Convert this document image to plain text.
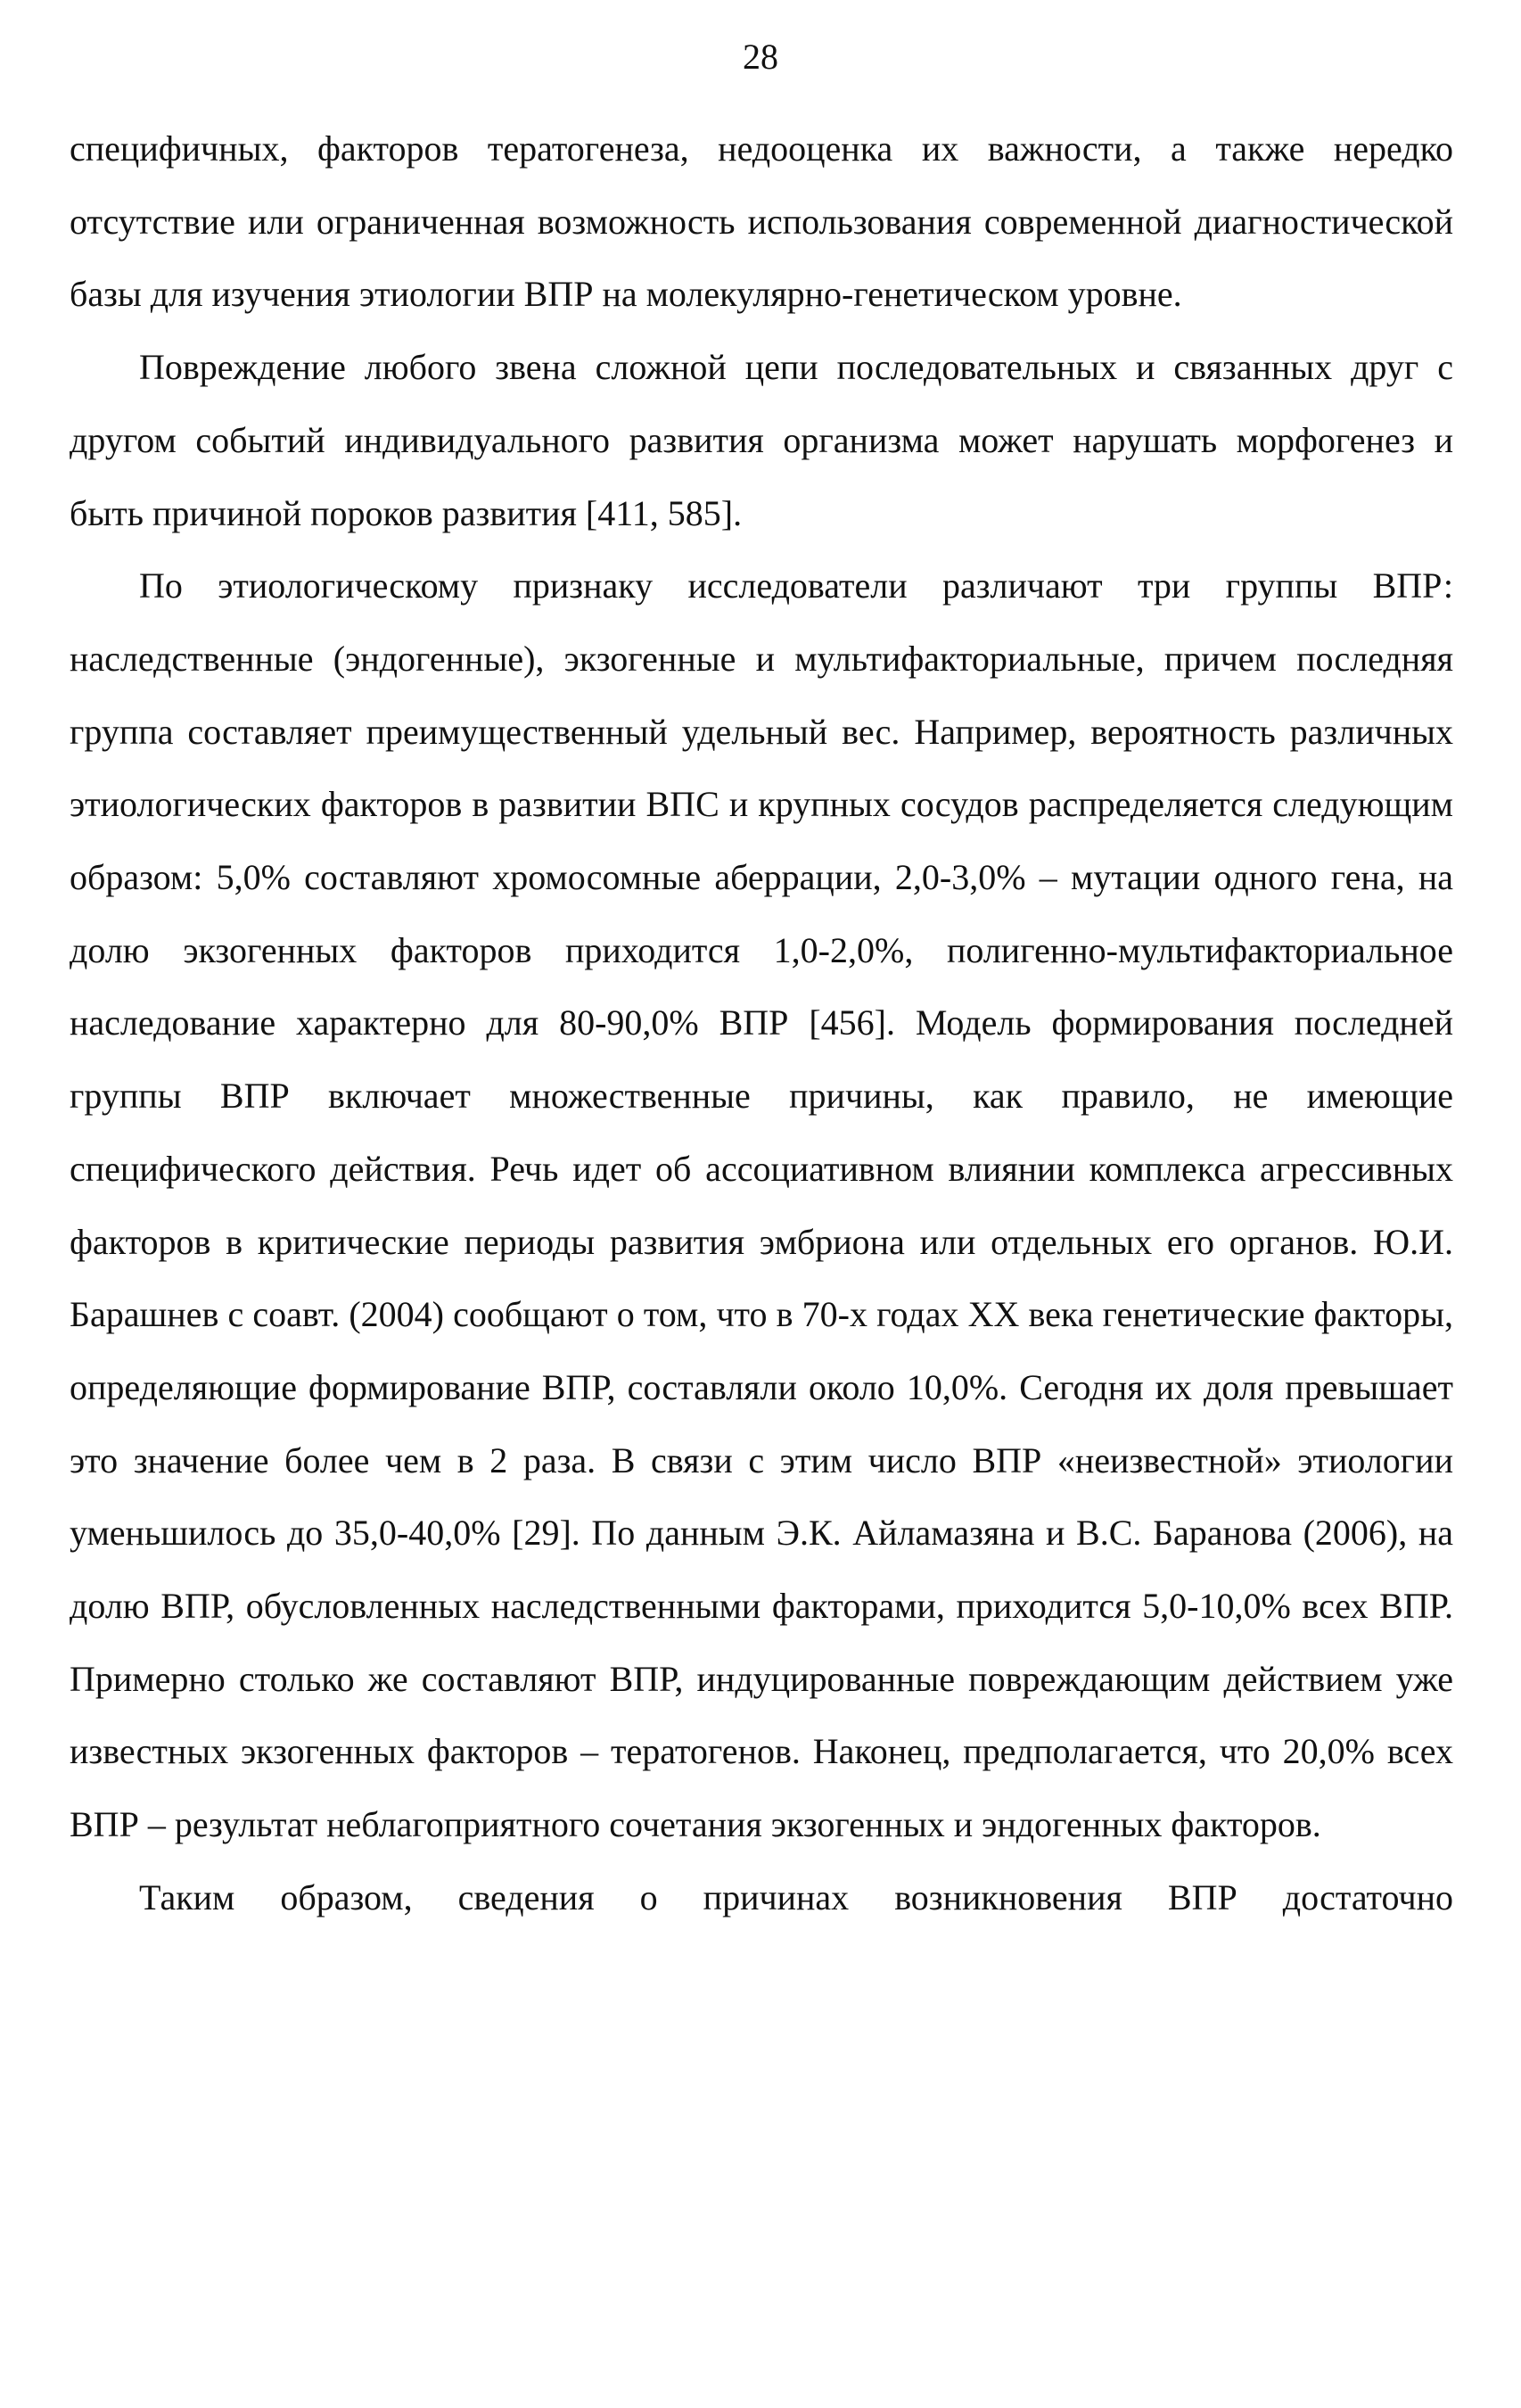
28

специфичных, факторов тератогенеза, недооценка их важности, а также нередко отсутствие или ограниченная возможность использования современной диагностической базы для изучения этиологии ВПР на молекулярно-генетическом уровне.

Повреждение любого звена сложной цепи последовательных и связанных друг с другом событий индивидуального развития организма может нарушать морфогенез и быть причиной пороков развития [411, 585].

По этиологическому признаку исследователи различают три группы ВПР: наследственные (эндогенные), экзогенные и мультифакториальные, причем последняя группа составляет преимущественный удельный вес. Например, вероятность различных этиологических факторов в развитии ВПС и крупных сосудов распределяется следующим образом: 5,0% составляют хромосомные аберрации, 2,0-3,0% – мутации одного гена, на долю экзогенных факторов приходится 1,0-2,0%, полигенно-мультифакториальное наследование характерно для 80-90,0% ВПР [456]. Модель формирования последней группы ВПР включает множественные причины, как правило, не имеющие специфического действия. Речь идет об ассоциативном влиянии комплекса агрессивных факторов в критические периоды развития эмбриона или отдельных его органов. Ю.И. Барашнев с соавт. (2004) сообщают о том, что в 70-х годах XX века генетические факторы, определяющие формирование ВПР, составляли около 10,0%. Сегодня их доля превышает это значение более чем в 2 раза. В связи с этим число ВПР «неизвестной» этиологии уменьшилось до 35,0-40,0% [29]. По данным Э.К. Айламазяна и В.С. Баранова (2006), на долю ВПР, обусловленных наследственными факторами, приходится 5,0-10,0% всех ВПР. Примерно столько же составляют ВПР, индуцированные повреждающим действием уже известных экзогенных факторов – тератогенов. Наконец, предполагается, что 20,0% всех ВПР – результат неблагоприятного сочетания экзогенных и эндогенных факторов.

Таким образом, сведения о причинах возникновения ВПР достаточно
